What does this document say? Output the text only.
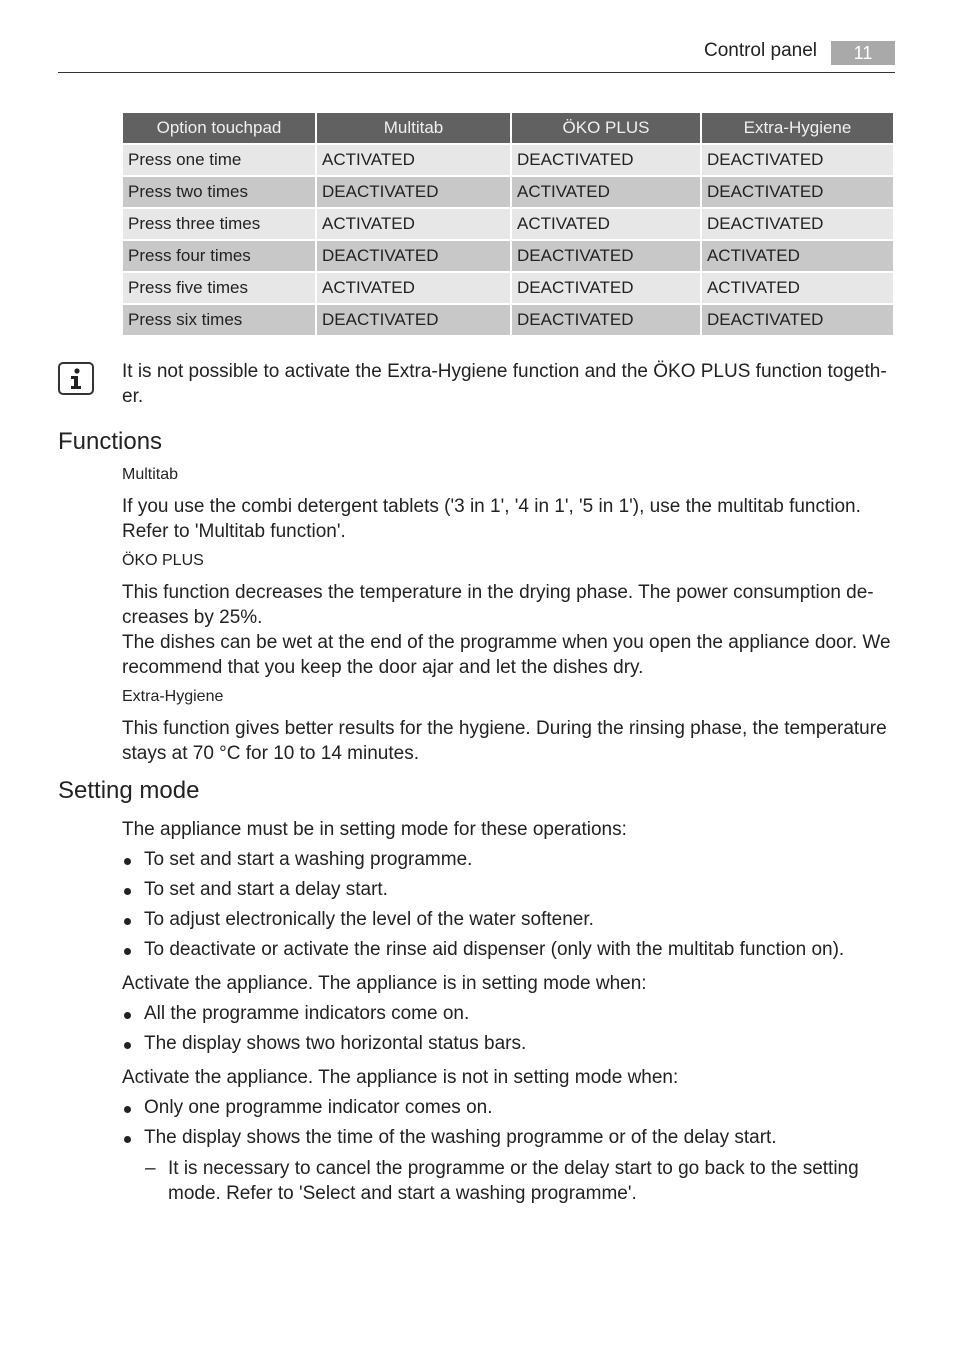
Control panel	11
Option touchpad	Multitab	ÖKO PLUS	Extra-Hygiene
Press one time	ACTIVATED	DEACTIVATED	DEACTIVATED
Press two times	DEACTIVATED	ACTIVATED	DEACTIVATED
Press three times	ACTIVATED	ACTIVATED	DEACTIVATED
Press four times	DEACTIVATED	DEACTIVATED	ACTIVATED
Press five times	ACTIVATED	DEACTIVATED	ACTIVATED
Press six times	DEACTIVATED	DEACTIVATED	DEACTIVATED
It is not possible to activate the Extra-Hygiene function and the ÖKO PLUS function togeth-
er.
Functions
Multitab
If you use the combi detergent tablets ('3 in 1', '4 in 1', '5 in 1'), use the multitab function.
Refer to 'Multitab function'.
ÖKO PLUS
This function decreases the temperature in the drying phase. The power consumption de-
creases by 25%.
The dishes can be wet at the end of the programme when you open the appliance door. We
recommend that you keep the door ajar and let the dishes dry.
Extra-Hygiene
This function gives better results for the hygiene. During the rinsing phase, the temperature
stays at 70 °C for 10 to 14 minutes.
Setting mode
The appliance must be in setting mode for these operations:
To set and start a washing programme.
To set and start a delay start.
To adjust electronically the level of the water softener.
To deactivate or activate the rinse aid dispenser (only with the multitab function on).
Activate the appliance. The appliance is in setting mode when:
All the programme indicators come on.
The display shows two horizontal status bars.
Activate the appliance. The appliance is not in setting mode when:
Only one programme indicator comes on.
The display shows the time of the washing programme or of the delay start.
– It is necessary to cancel the programme or the delay start to go back to the setting
mode. Refer to 'Select and start a washing programme'.
